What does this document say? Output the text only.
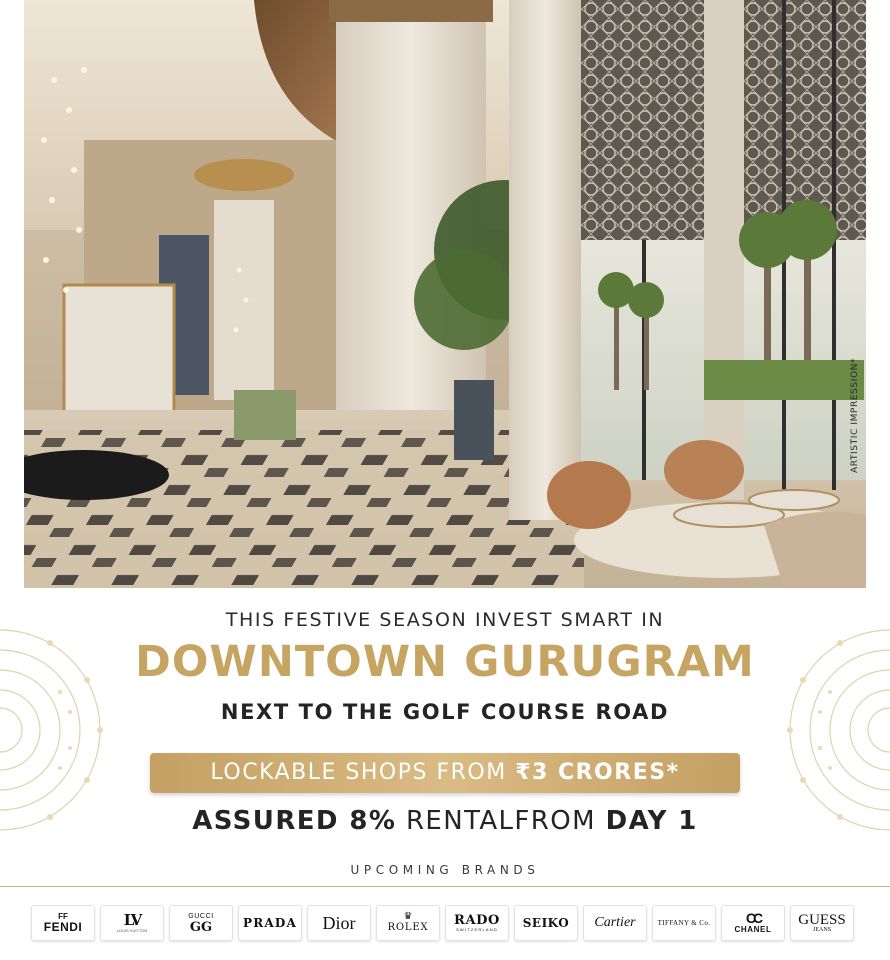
ARTISTIC IMPRESSION*
THIS FESTIVE SEASON INVEST SMART IN
DOWNTOWN GURUGRAM
NEXT TO THE GOLF COURSE ROAD
LOCKABLE SHOPS FROM ₹3 CRORES*
ASSURED 8% RENTALFROM DAY 1
UPCOMING BRANDS
FF
FENDI	LV
LOUIS VUITTON
GUCCI
GG	PRADA	Dior	♛
ROLEX RADO
SWITZERLAND	SEIKO	Cartier	TIFFANY & Co.	CC
CHANEL
GUESS
JEANS
